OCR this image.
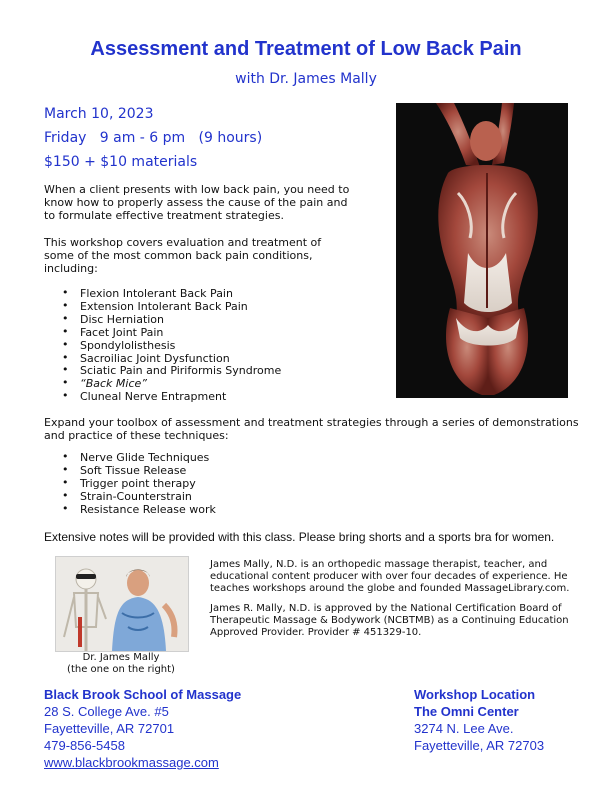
Assessment and Treatment of Low Back Pain
with Dr. James Mally
March 10, 2023
Friday   9 am - 6 pm   (9 hours)
$150 + $10 materials

When a client presents with low back pain, you need to know how to properly assess the cause of the pain and to formulate effective treatment strategies.

This workshop covers evaluation and treatment of some of the most common back pain conditions, including:

• Flexion Intolerant Back Pain
• Extension Intolerant Back Pain
• Disc Herniation
• Facet Joint Pain
• Spondylolisthesis
• Sacroiliac Joint Dysfunction
• Sciatic Pain and Piriformis Syndrome
• “Back Mice”
• Cluneal Nerve Entrapment

Expand your toolbox of assessment and treatment strategies through a series of demonstrations and practice of these techniques:

• Nerve Glide Techniques
• Soft Tissue Release
• Trigger point therapy
• Strain-Counterstrain
• Resistance Release work
Extensive notes will be provided with this class. Please bring shorts and a sports bra for women.
Dr. James Mally
(the one on the right)

James Mally, N.D. is an orthopedic massage therapist, teacher, and educational content producer with over four decades of experience. He teaches workshops around the globe and founded MassageLibrary.com.

James R. Mally, N.D. is approved by the National Certification Board of Therapeutic Massage & Bodywork (NCBTMB) as a Continuing Education Approved Provider. Provider # 451329-10.

Black Brook School of Massage
28 S. College Ave. #5
Fayetteville, AR 72701
479-856-5458
www.blackbrookmassage.com
Workshop Location
The Omni Center
3274 N. Lee Ave.
Fayetteville, AR 72703
